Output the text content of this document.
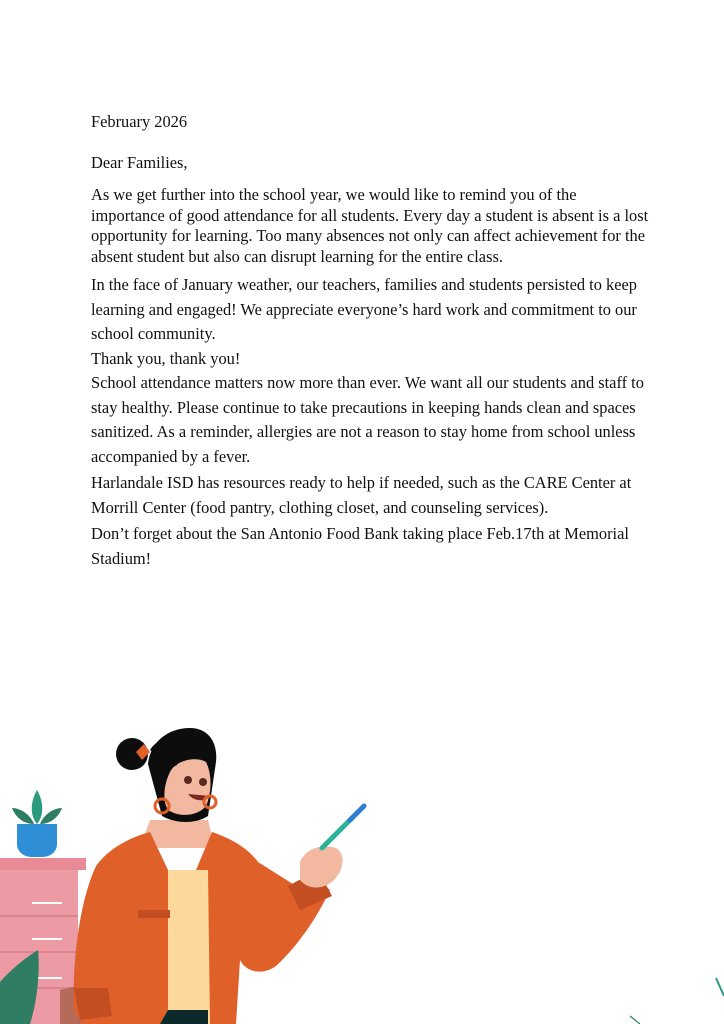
February 2026

Dear Families,

As we get further into the school year, we would like to remind you of the importance of good attendance for all students. Every day a student is absent is a lost opportunity for learning. Too many absences not only can affect achievement for the absent student but also can disrupt learning for the entire class.

In the face of January weather, our teachers, families and students persisted to keep learning and engaged! We appreciate everyone’s hard work and commitment to our school community.

Thank you, thank you!

School attendance matters now more than ever. We want all our students and staff to stay healthy. Please continue to take precautions in keeping hands clean and spaces sanitized. As a reminder, allergies are not a reason to stay home from school unless accompanied by a fever.

Harlandale ISD has resources ready to help if needed, such as the CARE Center at Morrill Center (food pantry, clothing closet, and counseling services).

Don’t forget about the San Antonio Food Bank taking place Feb.17th at Memorial Stadium!
